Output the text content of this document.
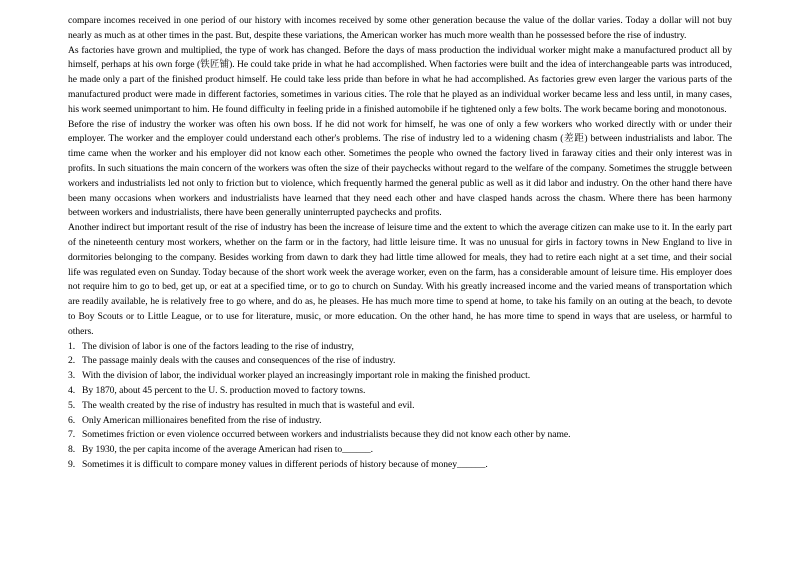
compare incomes received in one period of our history with incomes received by some other generation because the value of the dollar varies. Today a dollar will not buy nearly as much as at other times in the past. But, despite these variations, the American worker has much more wealth than he possessed before the rise of industry.

As factories have grown and multiplied, the type of work has changed. Before the days of mass production the individual worker might make a manufactured product all by himself, perhaps at his own forge (铁匠铺). He could take pride in what he had accomplished. When factories were built and the idea of interchangeable parts was introduced, he made only a part of the finished product himself. He could take less pride than before in what he had accomplished. As factories grew even larger the various parts of the manufactured product were made in different factories, sometimes in various cities. The role that he played as an individual worker became less and less until, in many cases, his work seemed unimportant to him. He found difficulty in feeling pride in a finished automobile if he tightened only a few bolts. The work became boring and monotonous.

Before the rise of industry the worker was often his own boss. If he did not work for himself, he was one of only a few workers who worked directly with or under their employer. The worker and the employer could understand each other's problems. The rise of industry led to a widening chasm (差距) between industrialists and labor. The time came when the worker and his employer did not know each other. Sometimes the people who owned the factory lived in faraway cities and their only interest was in profits. In such situations the main concern of the workers was often the size of their paychecks without regard to the welfare of the company. Sometimes the struggle between workers and industrialists led not only to friction but to violence, which frequently harmed the general public as well as it did labor and industry. On the other hand there have been many occasions when workers and industrialists have learned that they need each other and have clasped hands across the chasm. Where there has been harmony between workers and industrialists, there have been generally uninterrupted paychecks and profits.

Another indirect but important result of the rise of industry has been the increase of leisure time and the extent to which the average citizen can make use to it. In the early part of the nineteenth century most workers, whether on the farm or in the factory, had little leisure time. It was no unusual for girls in factory towns in New England to live in dormitories belonging to the company. Besides working from dawn to dark they had little time allowed for meals, they had to retire each night at a set time, and their social life was regulated even on Sunday. Today because of the short work week the average worker, even on the farm, has a considerable amount of leisure time. His employer does not require him to go to bed, get up, or eat at a specified time, or to go to church on Sunday. With his greatly increased income and the varied means of transportation which are readily available, he is relatively free to go where, and do as, he pleases. He has much more time to spend at home, to take his family on an outing at the beach, to devote to Boy Scouts or to Little League, or to use for literature, music, or more education. On the other hand, he has more time to spend in ways that are useless, or harmful to others.

1. The division of labor is one of the factors leading to the rise of industry,
2. The passage mainly deals with the causes and consequences of the rise of industry.
3. With the division of labor, the individual worker played an increasingly important role in making the finished product.
4. By 1870, about 45 percent to the U. S. production moved to factory towns.
5. The wealth created by the rise of industry has resulted in much that is wasteful and evil.
6. Only American millionaires benefited from the rise of industry.
7. Sometimes friction or even violence occurred between workers and industrialists because they did not know each other by name.
8. By 1930, the per capita income of the average American had risen to______.
9. Sometimes it is difficult to compare money values in different periods of history because of money______.
